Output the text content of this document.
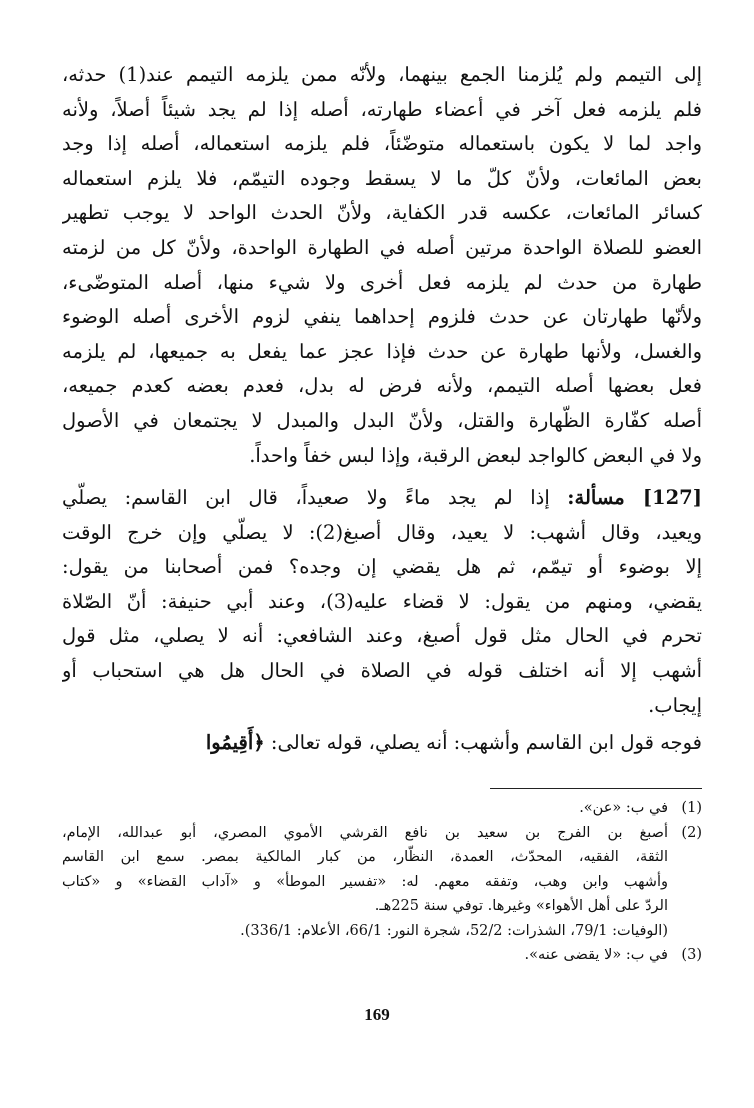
إلى التيمم ولم يُلزمنا الجمع بينهما، ولأنّه ممن يلزمه التيمم عند(1) حدثه،
فلم يلزمه فعل آخر في أعضاء طهارته، أصله إذا لم يجد شيئاً أصلاً، ولأنه
واجد لما لا يكون باستعماله متوضّئاً، فلم يلزمه استعماله، أصله إذا وجد
بعض المائعات، ولأنّ كلّ ما لا يسقط وجوده التيمّم، فلا يلزم استعماله
كسائر المائعات، عكسه قدر الكفاية، ولأنّ الحدث الواحد لا يوجب تطهير
العضو للصلاة الواحدة مرتين أصله في الطهارة الواحدة، ولأنّ كل من لزمته
طهارة من حدث لم يلزمه فعل أخرى ولا شيء منها، أصله المتوضّىء،
ولأنّها طهارتان عن حدث فلزوم إحداهما ينفي لزوم الأخرى أصله الوضوء
والغسل، ولأنها طهارة عن حدث فإذا عجز عما يفعل به جميعها، لم يلزمه
فعل بعضها أصله التيمم، ولأنه فرض له بدل، فعدم بعضه كعدم جميعه،
أصله كفّارة الظّهارة والقتل، ولأنّ البدل والمبدل لا يجتمعان في الأصول
ولا في البعض كالواجد لبعض الرقبة، وإذا لبس خفاً واحداً.
[127] مسألة: إذا لم يجد ماءً ولا صعيداً، قال ابن القاسم: يصلّي
ويعيد، وقال أشهب: لا يعيد، وقال أصبغ(2): لا يصلّي وإن خرج الوقت
إلا بوضوء أو تيمّم، ثم هل يقضي إن وجده؟ فمن أصحابنا من يقول:
يقضي، ومنهم من يقول: لا قضاء عليه(3)، وعند أبي حنيفة: أنّ الصّلاة
تحرم في الحال مثل قول أصبغ، وعند الشافعي: أنه لا يصلي، مثل قول
أشهب إلا أنه اختلف قوله في الصلاة في الحال هل هي استحباب أو
إيجاب.
فوجه قول ابن القاسم وأشهب: أنه يصلي، قوله تعالى: ﴿أَقِيمُوا
(1)
في ب: «عن».
(2)
أصبغ بن الفرج بن سعيد بن نافع القرشي الأموي المصري، أبو عبدالله، الإمام،
الثقة، الفقيه، المحدّث، العمدة، النظّار، من كبار المالكية بمصر. سمع ابن القاسم
وأشهب وابن وهب، وتفقه معهم. له: «تفسير الموطأ» و «آداب القضاء» و «كتاب
الردّ على أهل الأهواء» وغيرها. توفي سنة 225هـ.
(الوفيات: 79/1، الشذرات: 52/2، شجرة النور: 66/1، الأعلام: 336/1).
(3)
في ب: «لا يقضى عنه».
169
